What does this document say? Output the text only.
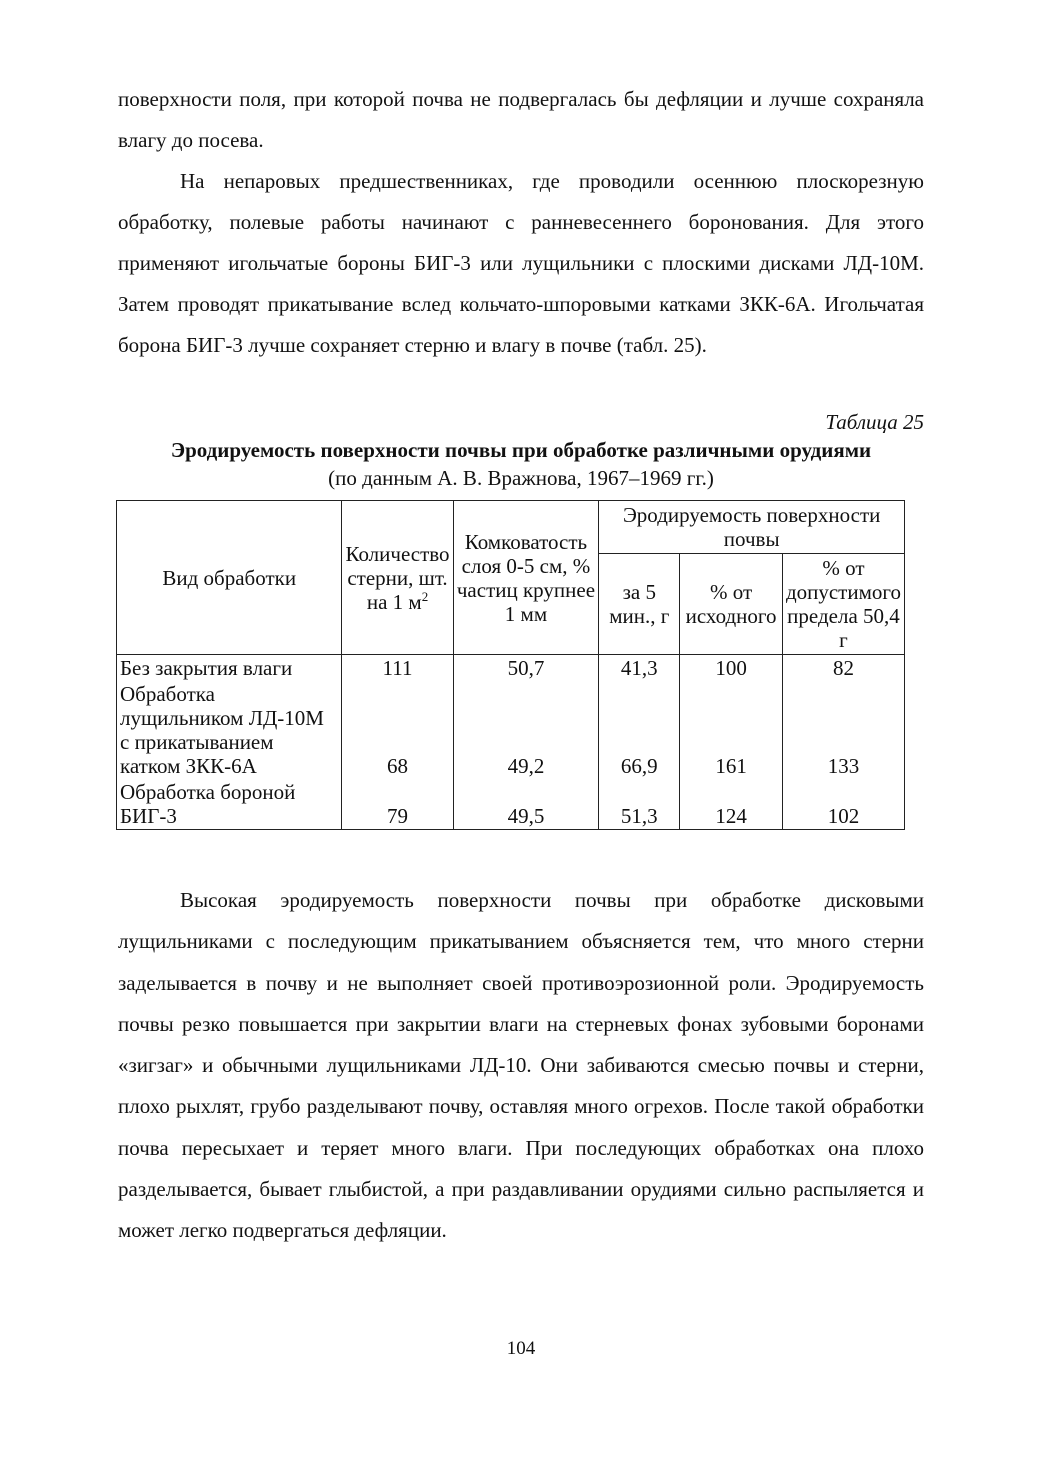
поверхности поля, при которой почва не подвергалась бы дефляции и лучше сохраняла влагу до посева.

На непаровых предшественниках, где проводили осеннюю плоскорезную обработку, полевые работы начинают с ранневесеннего боронования. Для этого применяют игольчатые бороны БИГ-3 или лущильники с плоскими дисками ЛД-10М. Затем проводят прикатывание вслед кольчато-шпоровыми катками ЗКК-6А. Игольчатая борона БИГ-3 лучше сохраняет стерню и влагу в почве (табл. 25).

Таблица 25
Эродируемость поверхности почвы при обработке различными орудиями
(по данным А. В. Вражнова, 1967–1969 гг.)
Вид обработки	Количество стерни, шт. на 1 $м^2$	Комковатость слоя 0-5 см, % частиц крупнее 1 мм	Эродируемость поверхности почвы		
			за 5 мин., г	% от исходного	% от допустимого предела 50,4 г
Без закрытия влаги	111	50,7	41,3	100	82
Обработка лущильником ЛД-10М с прикатыванием катком ЗКК-6А	68	49,2	66,9	161	133
Обработка бороной БИГ-3	79	49,5	51,3	124	102

Высокая эродируемость поверхности почвы при обработке дисковыми лущильниками с последующим прикатыванием объясняется тем, что много стерни заделывается в почву и не выполняет своей противоэрозионной роли. Эродируемость почвы резко повышается при закрытии влаги на стерневых фонах зубовыми боронами «зигзаг» и обычными лущильниками ЛД-10. Они забиваются смесью почвы и стерни, плохо рыхлят, грубо разделывают почву, оставляя много огрехов. После такой обработки почва пересыхает и теряет много влаги. При последующих обработках она плохо разделывается, бывает глыбистой, а при раздавливании орудиями сильно распыляется и может легко подвергаться дефляции.

104
